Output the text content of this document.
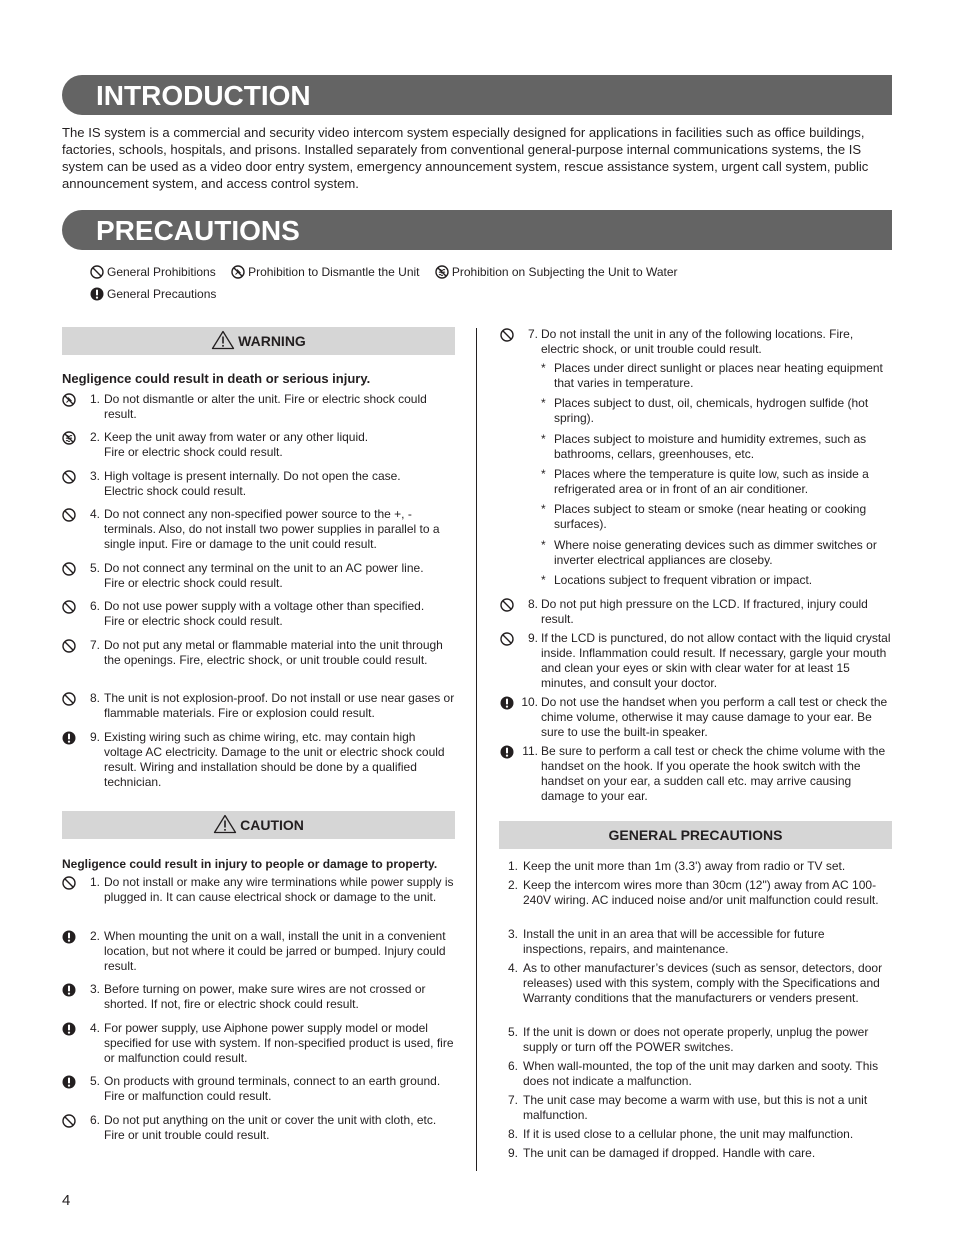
INTRODUCTION
The IS system is a commercial and security video intercom system especially designed for applications in facilities such as office buildings, factories, schools, hospitals, and prisons. Installed separately from conventional general-purpose internal communications systems, the IS system can be used as a video door entry system, emergency announcement system, rescue assistance system, urgent call system, public announcement system, and access control system.
PRECAUTIONS
General Prohibitions	Prohibition to Dismantle the Unit	Prohibition on Subjecting the Unit to Water
General Precautions
WARNING
Negligence could result in death or serious injury.
1. Do not dismantle or alter the unit. Fire or electric shock could result.
2. Keep the unit away from water or any other liquid.
Fire or electric shock could result.
3. High voltage is present internally. Do not open the case.
Electric shock could result.
4. Do not connect any non-specified power source to the +, - terminals. Also, do not install two power supplies in parallel to a single input. Fire or damage to the unit could result.
5. Do not connect any terminal on the unit to an AC power line.
Fire or electric shock could result.
6. Do not use power supply with a voltage other than specified.
Fire or electric shock could result.
7. Do not put any metal or flammable material into the unit through the openings. Fire, electric shock, or unit trouble could result.
8. The unit is not explosion-proof. Do not install or use near gases or flammable materials. Fire or explosion could result.
9. Existing wiring such as chime wiring, etc. may contain high voltage AC electricity. Damage to the unit or electric shock could result. Wiring and installation should be done by a qualified technician.
CAUTION
Negligence could result in injury to people or damage to property.
1. Do not install or make any wire terminations while power supply is plugged in. It can cause electrical shock or damage to the unit.
2. When mounting the unit on a wall, install the unit in a convenient location, but not where it could be jarred or bumped. Injury could result.
3. Before turning on power, make sure wires are not crossed or shorted. If not, fire or electric shock could result.
4. For power supply, use Aiphone power supply model or model specified for use with system. If non-specified product is used, fire or malfunction could result.
5. On products with ground terminals, connect to an earth ground. Fire or malfunction could result.
6. Do not put anything on the unit or cover the unit with cloth, etc. Fire or unit trouble could result.
7. Do not install the unit in any of the following locations. Fire, electric shock, or unit trouble could result.
* Places under direct sunlight or places near heating equipment that varies in temperature.
* Places subject to dust, oil, chemicals, hydrogen sulfide (hot spring).
* Places subject to moisture and humidity extremes, such as bathrooms, cellars, greenhouses, etc.
* Places where the temperature is quite low, such as inside a refrigerated area or in front of an air conditioner.
* Places subject to steam or smoke (near heating or cooking surfaces).
* Where noise generating devices such as dimmer switches or inverter electrical appliances are closeby.
* Locations subject to frequent vibration or impact.
8. Do not put high pressure on the LCD. If fractured, injury could result.
9. If the LCD is punctured, do not allow contact with the liquid crystal inside. Inflammation could result. If necessary, gargle your mouth and clean your eyes or skin with clear water for at least 15 minutes, and consult your doctor.
10. Do not use the handset when you perform a call test or check the chime volume, otherwise it may cause damage to your ear. Be sure to use the built-in speaker.
11. Be sure to perform a call test or check the chime volume with the handset on the hook. If you operate the hook switch with the handset on your ear, a sudden call etc. may arrive causing damage to your ear.
GENERAL PRECAUTIONS
1. Keep the unit more than 1m (3.3') away from radio or TV set.
2. Keep the intercom wires more than 30cm (12") away from AC 100-240V wiring. AC induced noise and/or unit malfunction could result.
3. Install the unit in an area that will be accessible for future inspections, repairs, and maintenance.
4. As to other manufacturer’s devices (such as sensor, detectors, door releases) used with this system, comply with the Specifications and Warranty conditions that the manufacturers or venders present.
5. If the unit is down or does not operate properly, unplug the power supply or turn off the POWER switches.
6. When wall-mounted, the top of the unit may darken and sooty. This does not indicate a malfunction.
7. The unit case may become a warm with use, but this is not a unit malfunction.
8. If it is used close to a cellular phone, the unit may malfunction.
9. The unit can be damaged if dropped. Handle with care.
4
